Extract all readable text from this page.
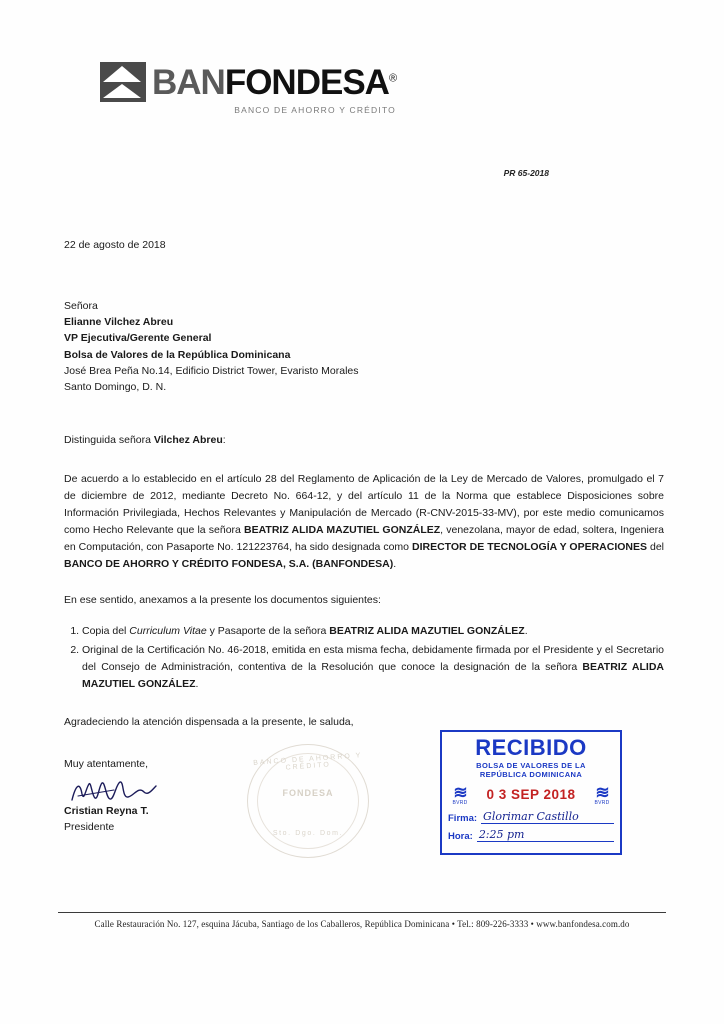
BANFONDESA®
BANCO DE AHORRO Y CRÉDITO
PR 65-2018
22 de agosto de 2018
Señora
Elianne Vilchez Abreu
VP Ejecutiva/Gerente General
Bolsa de Valores de la República Dominicana
José Brea Peña No.14, Edificio District Tower, Evaristo Morales
Santo Domingo, D. N.
Distinguida señora Vilchez Abreu:

De acuerdo a lo establecido en el artículo 28 del Reglamento de Aplicación de la Ley de Mercado de Valores, promulgado el 7 de diciembre de 2012, mediante Decreto No. 664-12, y del artículo 11 de la Norma que establece Disposiciones sobre Información Privilegiada, Hechos Relevantes y Manipulación de Mercado (R-CNV-2015-33-MV), por este medio comunicamos como Hecho Relevante que la señora BEATRIZ ALIDA MAZUTIEL GONZÁLEZ, venezolana, mayor de edad, soltera, Ingeniera en Computación, con Pasaporte No. 121223764, ha sido designada como DIRECTOR DE TECNOLOGÍA Y OPERACIONES del BANCO DE AHORRO Y CRÉDITO FONDESA, S.A. (BANFONDESA).

En ese sentido, anexamos a la presente los documentos siguientes:
1. Copia del Curriculum Vitae y Pasaporte de la señora BEATRIZ ALIDA MAZUTIEL GONZÁLEZ.
2. Original de la Certificación No. 46-2018, emitida en esta misma fecha, debidamente firmada por el Presidente y el Secretario del Consejo de Administración, contentiva de la Resolución que conoce la designación de la señora BEATRIZ ALIDA MAZUTIEL GONZÁLEZ.
Agradeciendo la atención dispensada a la presente, le saluda,
Muy atentamente,
Cristian Reyna T.
Presidente
BANCO DE AHORRO Y CRÉDITO
FONDESA
Sto. Dgo. Dom.
RECIBIDO
BOLSA DE VALORES DE LA
REPÚBLICA DOMINICANA
≋
BVRD
0 3 SEP 2018	≋
BVRD
Firma: Glorimar Castillo
Hora: 2:25 pm
Calle Restauración No. 127, esquina Jácuba, Santiago de los Caballeros, República Dominicana • Tel.: 809-226-3333 • www.banfondesa.com.do
